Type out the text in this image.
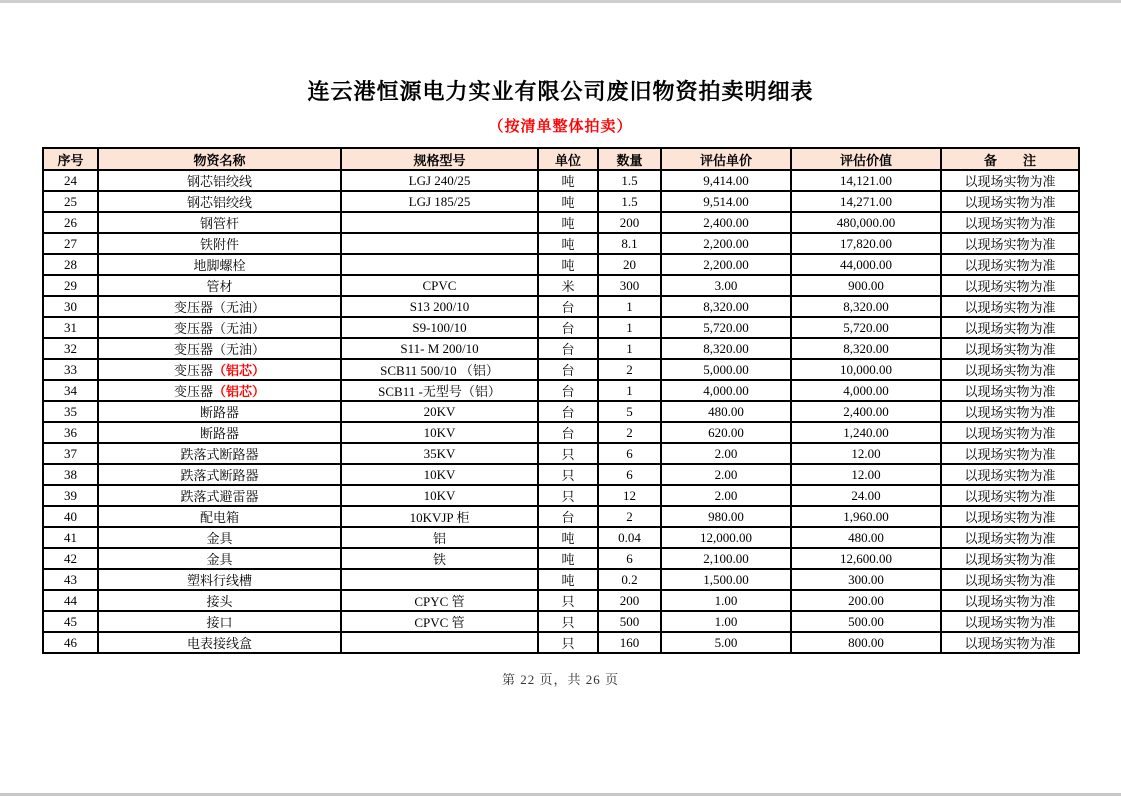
连云港恒源电力实业有限公司废旧物资拍卖明细表
（按清单整体拍卖）
序号	物资名称	规格型号	单位	数量	评估单价	评估价值	备　　注
24	钢芯铝绞线	LGJ 240/25	吨	1.5	9,414.00	14,121.00	以现场实物为准
25	钢芯铝绞线	LGJ 185/25	吨	1.5	9,514.00	14,271.00	以现场实物为准
26	钢管杆		吨	200	2,400.00	480,000.00	以现场实物为准
27	铁附件		吨	8.1	2,200.00	17,820.00	以现场实物为准
28	地脚螺栓		吨	20	2,200.00	44,000.00	以现场实物为准
29	管材	CPVC	米	300	3.00	900.00	以现场实物为准
30	变压器（无油）	S13 200/10	台	1	8,320.00	8,320.00	以现场实物为准
31	变压器（无油）	S9-100/10	台	1	5,720.00	5,720.00	以现场实物为准
32	变压器（无油）	S11- M 200/10	台	1	8,320.00	8,320.00	以现场实物为准
33	变压器（铝芯）	SCB11 500/10 （铝）	台	2	5,000.00	10,000.00	以现场实物为准
34	变压器（铝芯）	SCB11 -无型号（铝）	台	1	4,000.00	4,000.00	以现场实物为准
35	断路器	20KV	台	5	480.00	2,400.00	以现场实物为准
36	断路器	10KV	台	2	620.00	1,240.00	以现场实物为准
37	跌落式断路器	35KV	只	6	2.00	12.00	以现场实物为准
38	跌落式断路器	10KV	只	6	2.00	12.00	以现场实物为准
39	跌落式避雷器	10KV	只	12	2.00	24.00	以现场实物为准
40	配电箱	10KVJP 柜	台	2	980.00	1,960.00	以现场实物为准
41	金具	铝	吨	0.04	12,000.00	480.00	以现场实物为准
42	金具	铁	吨	6	2,100.00	12,600.00	以现场实物为准
43	塑料行线槽		吨	0.2	1,500.00	300.00	以现场实物为准
44	接头	CPYC 管	只	200	1.00	200.00	以现场实物为准
45	接口	CPVC 管	只	500	1.00	500.00	以现场实物为准
46	电表接线盒		只	160	5.00	800.00	以现场实物为准
第 22 页，共 26 页
